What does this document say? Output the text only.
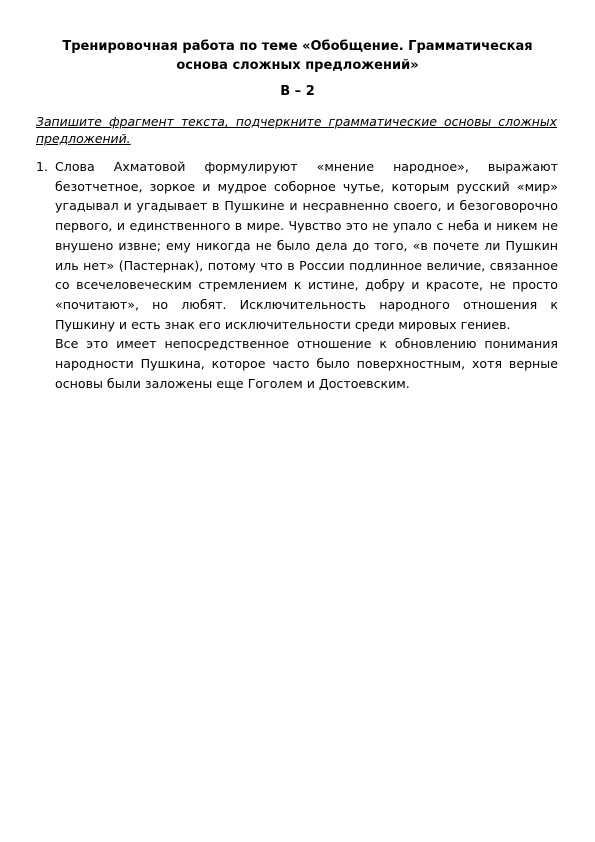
Тренировочная работа по теме «Обобщение. Грамматическая основа сложных предложений»
В – 2
Запишите фрагмент текста, подчеркните грамматические основы сложных предложений.
1. Слова Ахматовой формулируют «мнение народное», выражают безотчетное, зоркое и мудрое соборное чутье, которым русский «мир» угадывал и угадывает в Пушкине и несравненно своего, и безоговорочно первого, и единственного в мире. Чувство это не упало с неба и никем не внушено извне; ему никогда не было дела до того, «в почете ли Пушкин иль нет» (Пастернак), потому что в России подлинное величие, связанное со всечеловеческим стремлением к истине, добру и красоте, не просто «почитают», но любят. Исключительность народного отношения к Пушкину и есть знак его исключительности среди мировых гениев.

Все это имеет непосредственное отношение к обновлению понимания народности Пушкина, которое часто было поверхностным, хотя верные основы были заложены еще Гоголем и Достоевским.
